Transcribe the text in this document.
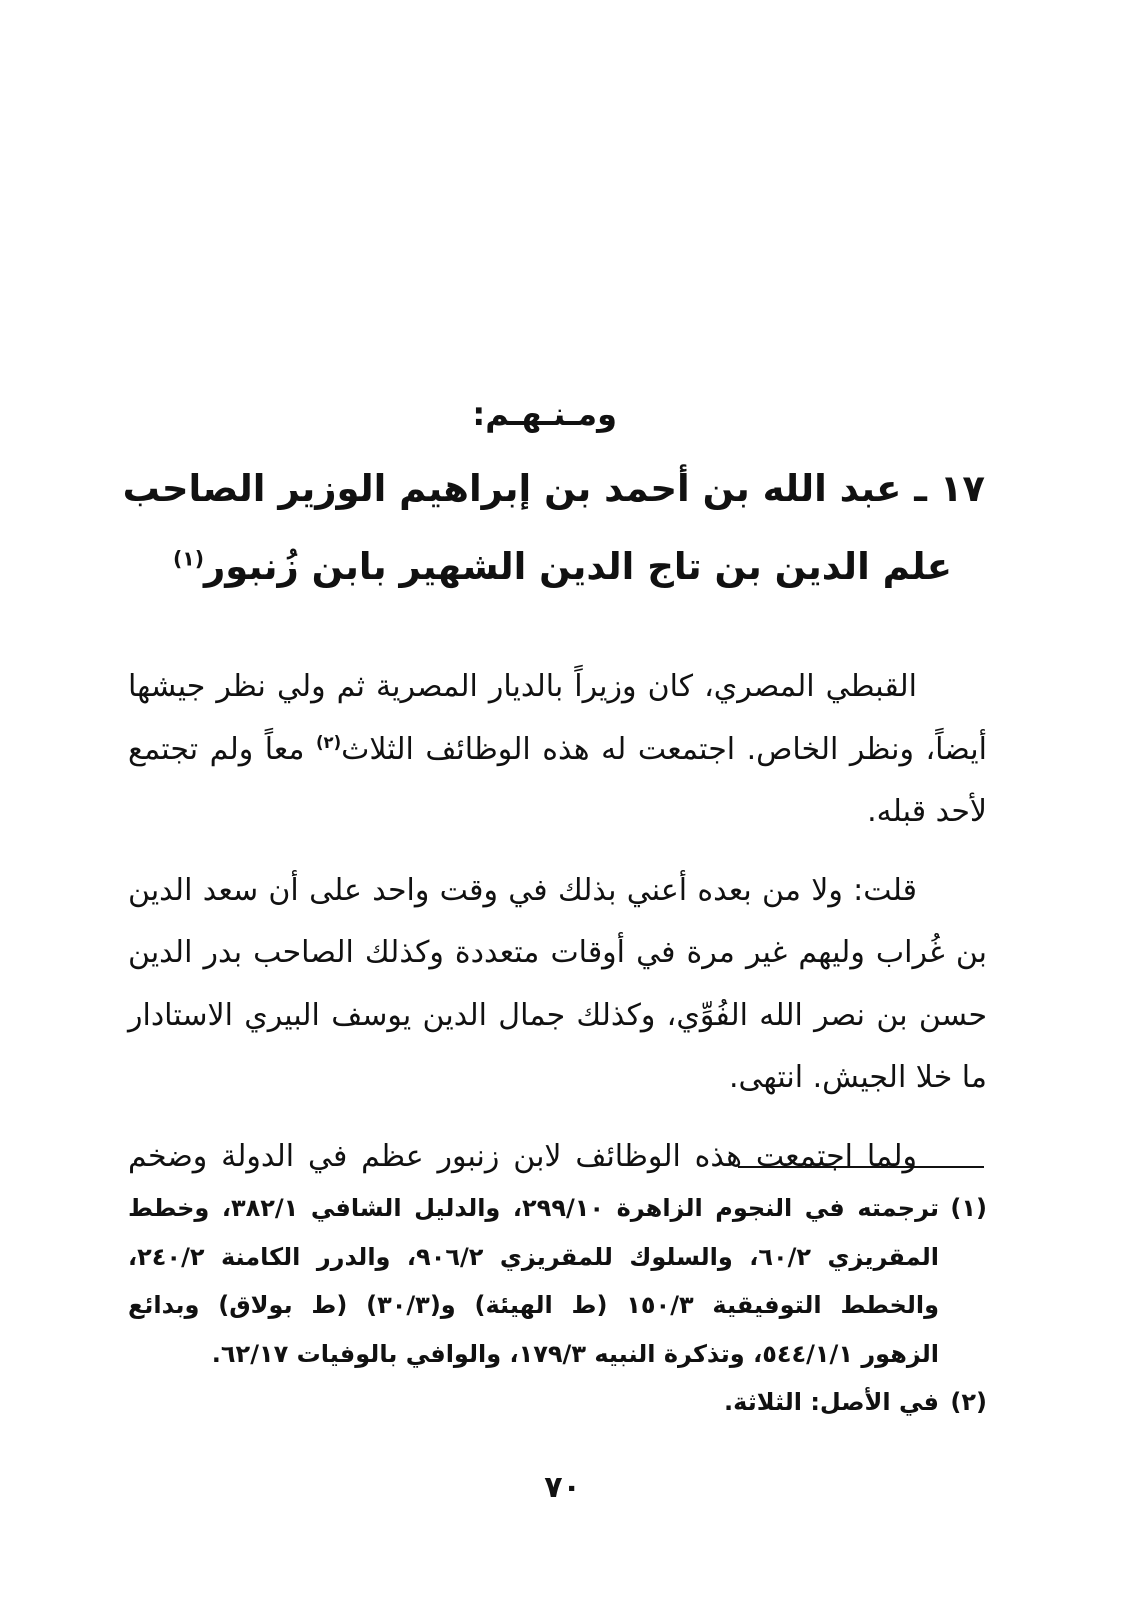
ومـنـهـم:
١٧ ـ عبد الله بن أحمد بن إبراهيم الوزير الصاحب
علم الدين بن تاج الدين الشهير بابن زُنبور$^{(١)}$

القبطي المصري، كان وزيراً بالديار المصرية ثم ولي نظر جيشها أيضاً، ونظر الخاص. اجتمعت له هذه الوظائف الثلاث$^{(٢)}$ معاً ولم تجتمع لأحد قبله.

قلت: ولا من بعده أعني بذلك في وقت واحد على أن سعد الدين بن غُراب وليهم غير مرة في أوقات متعددة وكذلك الصاحب بدر الدين حسن بن نصر الله الفُوِّي، وكذلك جمال الدين يوسف البيري الاستادار ما خلا الجيش. انتهى.

ولما اجتمعت هذه الوظائف لابن زنبور عظم في الدولة وضخم

(١)
ترجمته في النجوم الزاهرة ٢٩٩/١٠، والدليل الشافي ٣٨٢/١، وخطط المقريزي ٦٠/٢، والسلوك للمقريزي ٩٠٦/٢، والدرر الكامنة ٢٤٠/٢، والخطط التوفيقية ١٥٠/٣ (ط الهيئة) و(٣٠/٣) (ط بولاق) وبدائع الزهور ٥٤٤/١/١، وتذكرة النبيه ١٧٩/٣، والوافي بالوفيات ٦٢/١٧.
(٢)
في الأصل: الثلاثة.
٧٠
